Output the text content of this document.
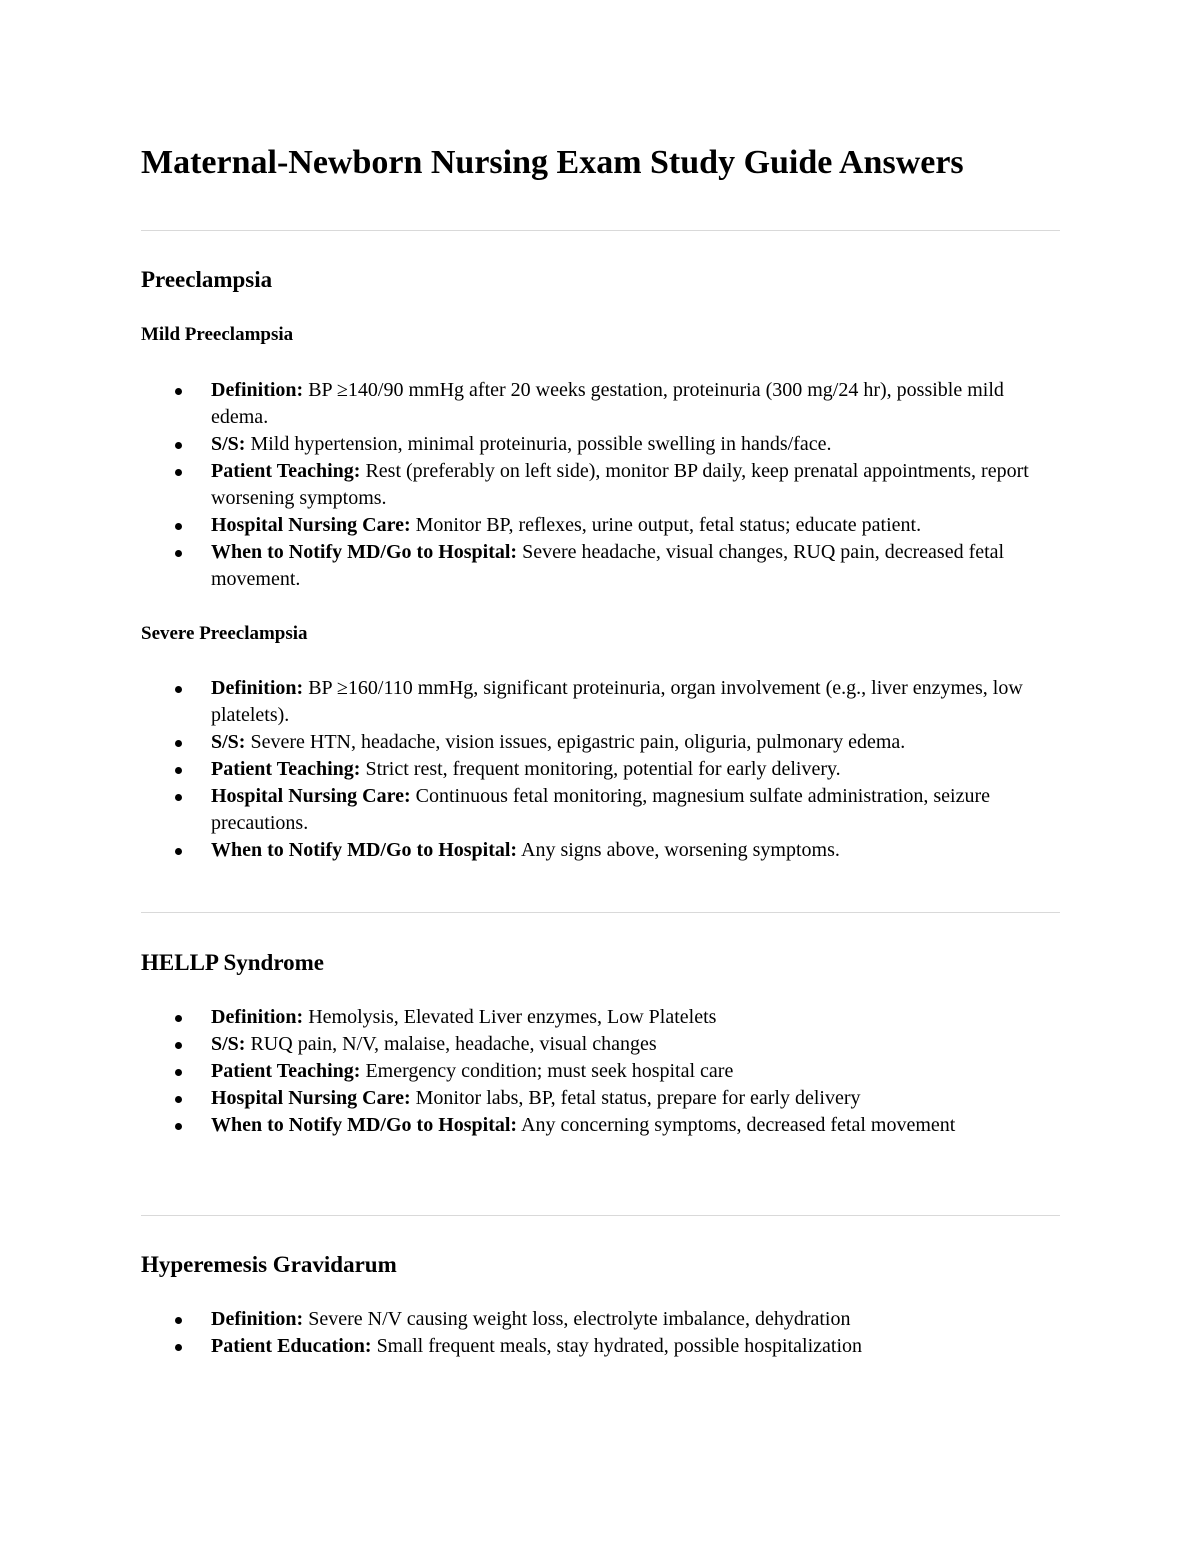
Maternal-Newborn Nursing Exam Study Guide Answers
Preeclampsia
Mild Preeclampsia
Definition: BP ≥140/90 mmHg after 20 weeks gestation, proteinuria (300 mg/24 hr), possible mild edema.
S/S: Mild hypertension, minimal proteinuria, possible swelling in hands/face.
Patient Teaching: Rest (preferably on left side), monitor BP daily, keep prenatal appointments, report worsening symptoms.
Hospital Nursing Care: Monitor BP, reflexes, urine output, fetal status; educate patient.
When to Notify MD/Go to Hospital: Severe headache, visual changes, RUQ pain, decreased fetal movement.
Severe Preeclampsia
Definition: BP ≥160/110 mmHg, significant proteinuria, organ involvement (e.g., liver enzymes, low platelets).
S/S: Severe HTN, headache, vision issues, epigastric pain, oliguria, pulmonary edema.
Patient Teaching: Strict rest, frequent monitoring, potential for early delivery.
Hospital Nursing Care: Continuous fetal monitoring, magnesium sulfate administration, seizure precautions.
When to Notify MD/Go to Hospital: Any signs above, worsening symptoms.
HELLP Syndrome
Definition: Hemolysis, Elevated Liver enzymes, Low Platelets
S/S: RUQ pain, N/V, malaise, headache, visual changes
Patient Teaching: Emergency condition; must seek hospital care
Hospital Nursing Care: Monitor labs, BP, fetal status, prepare for early delivery
When to Notify MD/Go to Hospital: Any concerning symptoms, decreased fetal movement
Hyperemesis Gravidarum
Definition: Severe N/V causing weight loss, electrolyte imbalance, dehydration
Patient Education: Small frequent meals, stay hydrated, possible hospitalization
